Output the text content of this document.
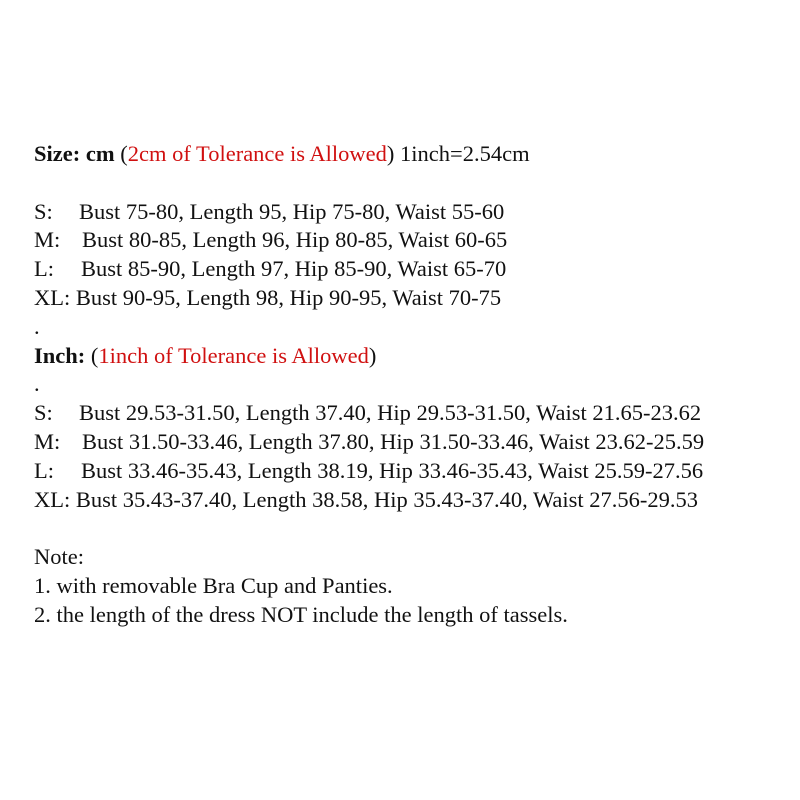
Size: cm (2cm of Tolerance is Allowed) 1inch=2.54cm
S: Bust 75-80, Length 95, Hip 75-80, Waist 55-60
M: Bust 80-85, Length 96, Hip 80-85, Waist 60-65
L: Bust 85-90, Length 97, Hip 85-90, Waist 65-70
XL: Bust 90-95, Length 98, Hip 90-95, Waist 70-75
.
Inch: (1inch of Tolerance is Allowed)
.
S: Bust 29.53-31.50, Length 37.40, Hip 29.53-31.50, Waist 21.65-23.62
M: Bust 31.50-33.46, Length 37.80, Hip 31.50-33.46, Waist 23.62-25.59
L: Bust 33.46-35.43, Length 38.19, Hip 33.46-35.43, Waist 25.59-27.56
XL: Bust 35.43-37.40, Length 38.58, Hip 35.43-37.40, Waist 27.56-29.53
Note:
1. with removable Bra Cup and Panties.
2. the length of the dress NOT include the length of tassels.
